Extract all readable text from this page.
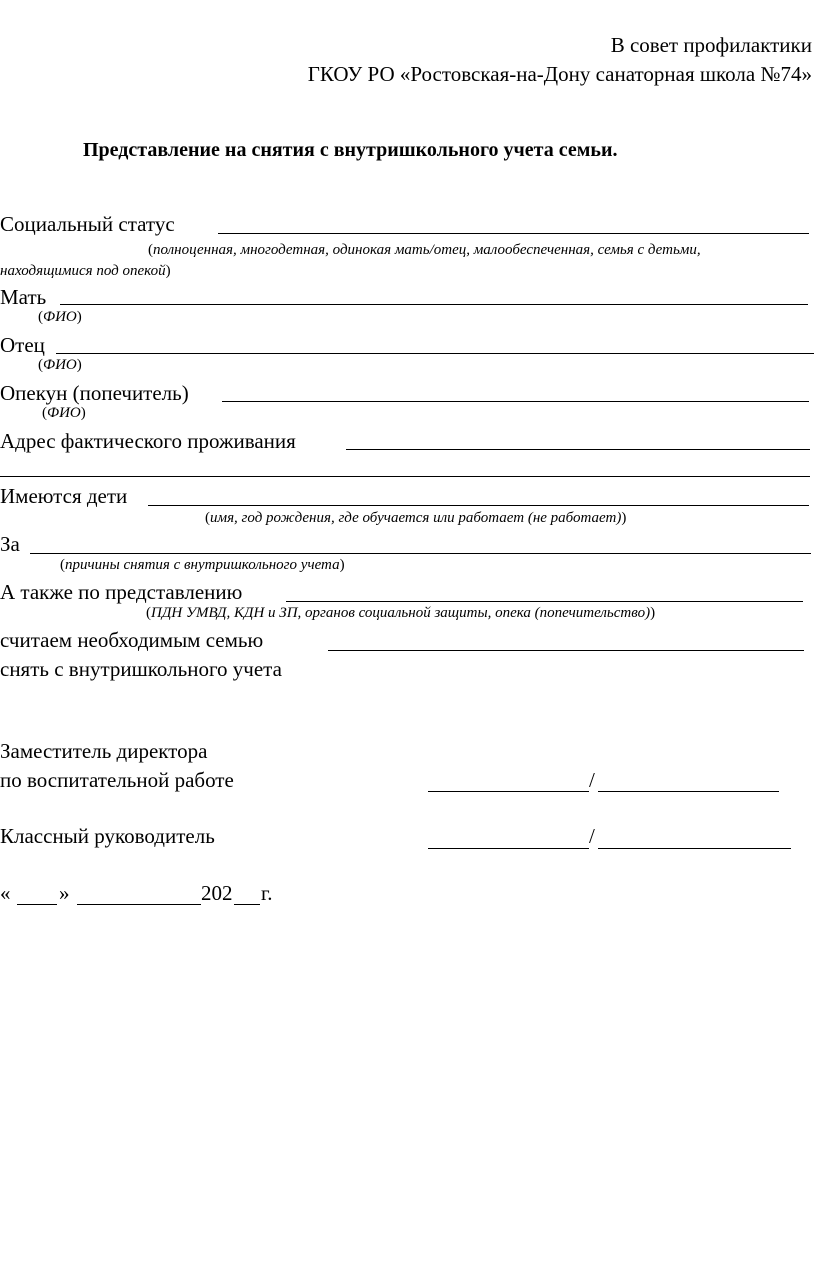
В совет профилактики
ГКОУ РО «Ростовская-на-Дону санаторная школа №74»
Представление на снятия с внутришкольного учета семьи.
Социальный статус
(полноценная, многодетная, одинокая мать/отец, малообеспеченная, семья с детьми,
находящимися под опекой)
Мать
(ФИО)
Отец
(ФИО)
Опекун (попечитель)
(ФИО)
Адрес фактического проживания
Имеются дети
(имя, год рождения, где обучается или работает (не работает))
За
(причины снятия с внутришкольного учета)
А также по представлению
(ПДН УМВД, КДН и ЗП, органов социальной защиты, опека (попечительство))
считаем необходимым семью
снять с внутришкольного учета
Заместитель директора
по воспитательной работе	/
Классный руководитель	/
« »	202 г.
